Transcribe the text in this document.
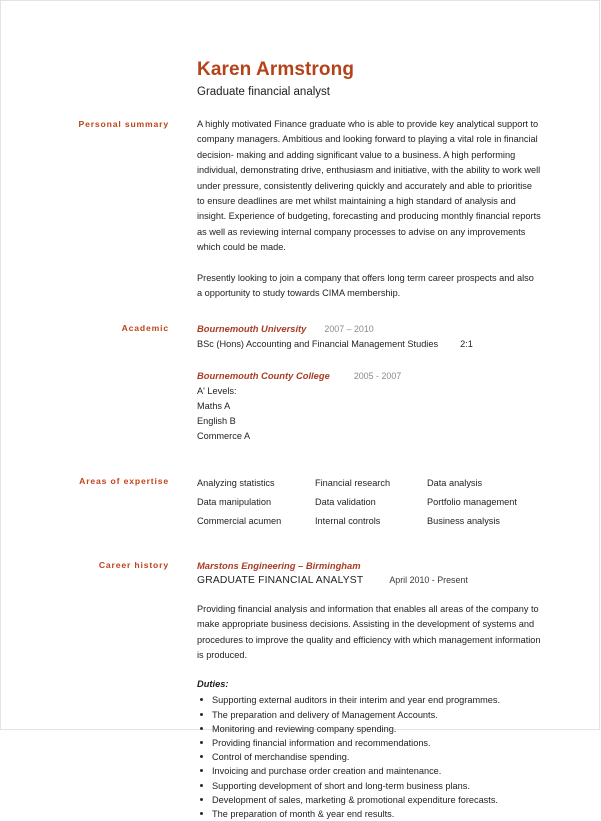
Karen Armstrong
Graduate financial analyst
Personal summary	A highly motivated Finance graduate who is able to provide key analytical support to company managers. Ambitious and looking forward to playing a vital role in financial decision- making and adding significant value to a business. A high performing individual, demonstrating drive, enthusiasm and initiative, with the ability to work well under pressure, consistently delivering quickly and accurately and able to prioritise to ensure deadlines are met whilst maintaining a high standard of analysis and insight. Experience of budgeting, forecasting and producing monthly financial reports as well as reviewing internal company processes to advise on any improvements which could be made.

Presently looking to join a company that offers long term career prospects and also a opportunity to study towards CIMA membership.

Academic	Bournemouth University 2007 – 2010
BSc (Hons) Accounting and Financial Management Studies 2:1
Bournemouth County College	2005 - 2007
A' Levels:
Maths A
English B
Commerce A
Areas of expertise	Analyzing statistics	Financial research	Data analysis
Data manipulation	Data validation	Portfolio management
Commercial acumen	Internal controls	Business analysis
Career history	Marstons Engineering – Birmingham
GRADUATE FINANCIAL ANALYST	April 2010 - Present

Providing financial analysis and information that enables all areas of the company to make appropriate business decisions. Assisting in the development of systems and procedures to improve the quality and efficiency with which management information is produced.

Duties:
Supporting external auditors in their interim and year end programmes.
The preparation and delivery of Management Accounts.
Monitoring and reviewing company spending.
Providing financial information and recommendations.
Control of merchandise spending.
Invoicing and purchase order creation and maintenance.
Supporting development of short and long-term business plans.
Development of sales, marketing & promotional expenditure forecasts.
The preparation of month & year end results.
